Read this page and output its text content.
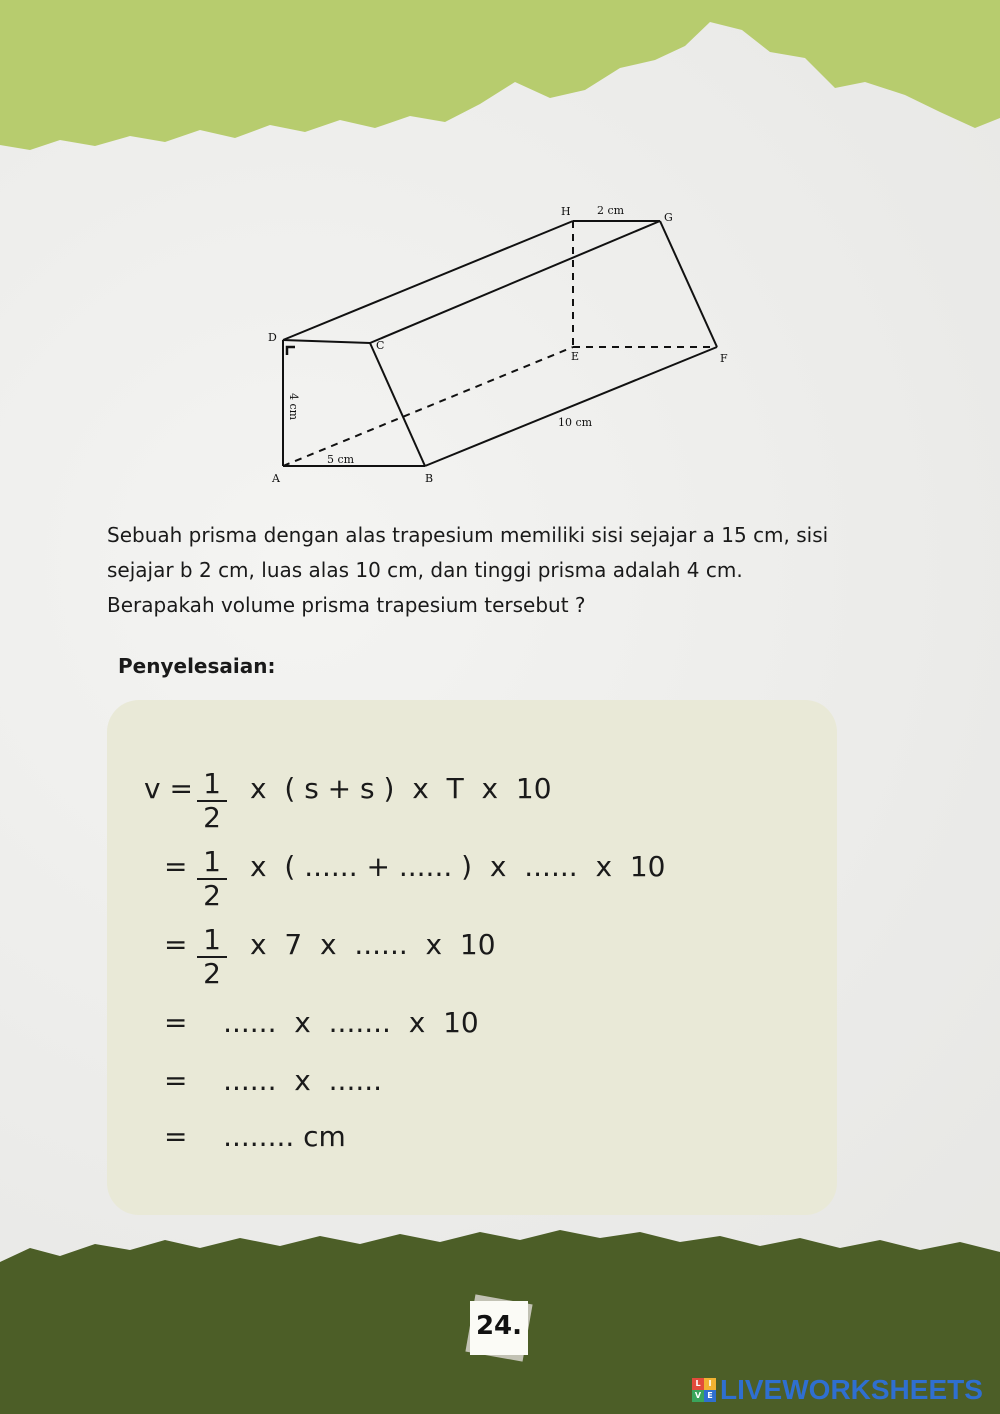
H	G
D
C
E	F
A	B
2 cm
4 cm
5 cm
10 cm
Sebuah prisma dengan alas trapesium memiliki sisi sejajar a 15 cm, sisi
sejajar b 2 cm, luas alas 10 cm, dan tinggi prisma adalah 4 cm.
Berapakah volume prisma trapesium tersebut ?
Penyelesaian:
$v = \frac{1}{2}$ x  ( s + s )  x  T  x  10
= $\frac{1}{2}$ x  ( ...... + ...... )  x  ......  x  10
= $\frac{1}{2}$ x  7  x  ......  x  10
=    ......  x  .......  x  10
=    ......  x  ......
=    ........ cm
24.
L I
V E LIVEWORKSHEETS
